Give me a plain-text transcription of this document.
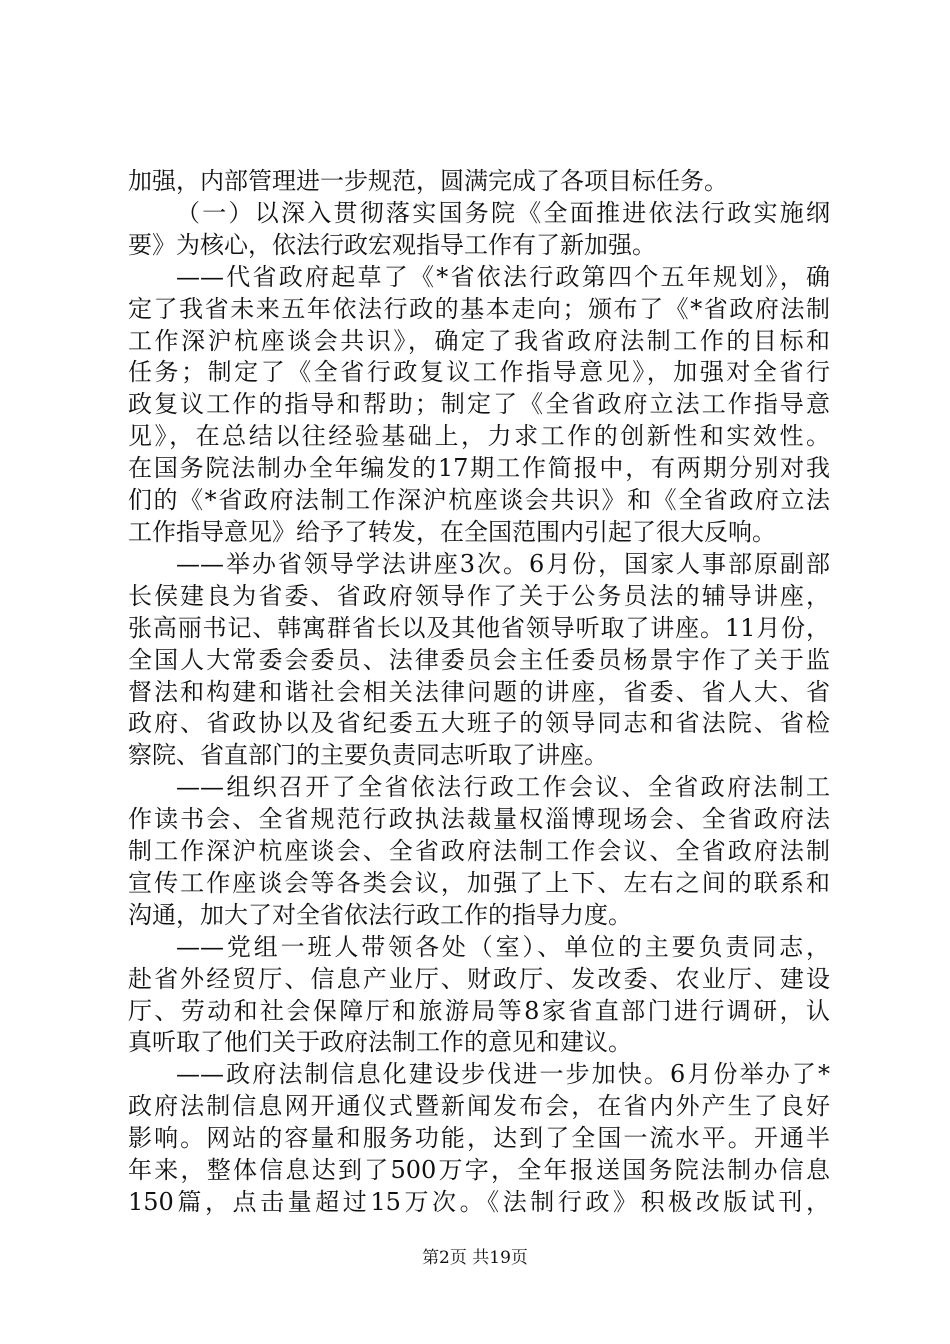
加强，内部管理进一步规范，圆满完成了各项目标任务。

（一）以深入贯彻落实国务院《全面推进依法行政实施纲
要》为核心，依法行政宏观指导工作有了新加强。

——代省政府起草了《*省依法行政第四个五年规划》，确
定了我省未来五年依法行政的基本走向；颁布了《*省政府法制
工作深沪杭座谈会共识》，确定了我省政府法制工作的目标和
任务；制定了《全省行政复议工作指导意见》，加强对全省行
政复议工作的指导和帮助；制定了《全省政府立法工作指导意
见》，在总结以往经验基础上，力求工作的创新性和实效性。
在国务院法制办全年编发的17期工作简报中，有两期分别对我
们的《*省政府法制工作深沪杭座谈会共识》和《全省政府立法
工作指导意见》给予了转发，在全国范围内引起了很大反响。

——举办省领导学法讲座3次。6月份，国家人事部原副部
长侯建良为省委、省政府领导作了关于公务员法的辅导讲座，
张高丽书记、韩寓群省长以及其他省领导听取了讲座。11月份，
全国人大常委会委员、法律委员会主任委员杨景宇作了关于监
督法和构建和谐社会相关法律问题的讲座，省委、省人大、省
政府、省政协以及省纪委五大班子的领导同志和省法院、省检
察院、省直部门的主要负责同志听取了讲座。

——组织召开了全省依法行政工作会议、全省政府法制工
作读书会、全省规范行政执法裁量权淄博现场会、全省政府法
制工作深沪杭座谈会、全省政府法制工作会议、全省政府法制
宣传工作座谈会等各类会议，加强了上下、左右之间的联系和
沟通，加大了对全省依法行政工作的指导力度。

——党组一班人带领各处（室）、单位的主要负责同志，
赴省外经贸厅、信息产业厅、财政厅、发改委、农业厅、建设
厅、劳动和社会保障厅和旅游局等8家省直部门进行调研，认
真听取了他们关于政府法制工作的意见和建议。

——政府法制信息化建设步伐进一步加快。6月份举办了*
政府法制信息网开通仪式暨新闻发布会，在省内外产生了良好
影响。网站的容量和服务功能，达到了全国一流水平。开通半
年来，整体信息达到了500万字，全年报送国务院法制办信息
150篇，点击量超过15万次。《法制行政》积极改版试刊，

第2页 共19页
